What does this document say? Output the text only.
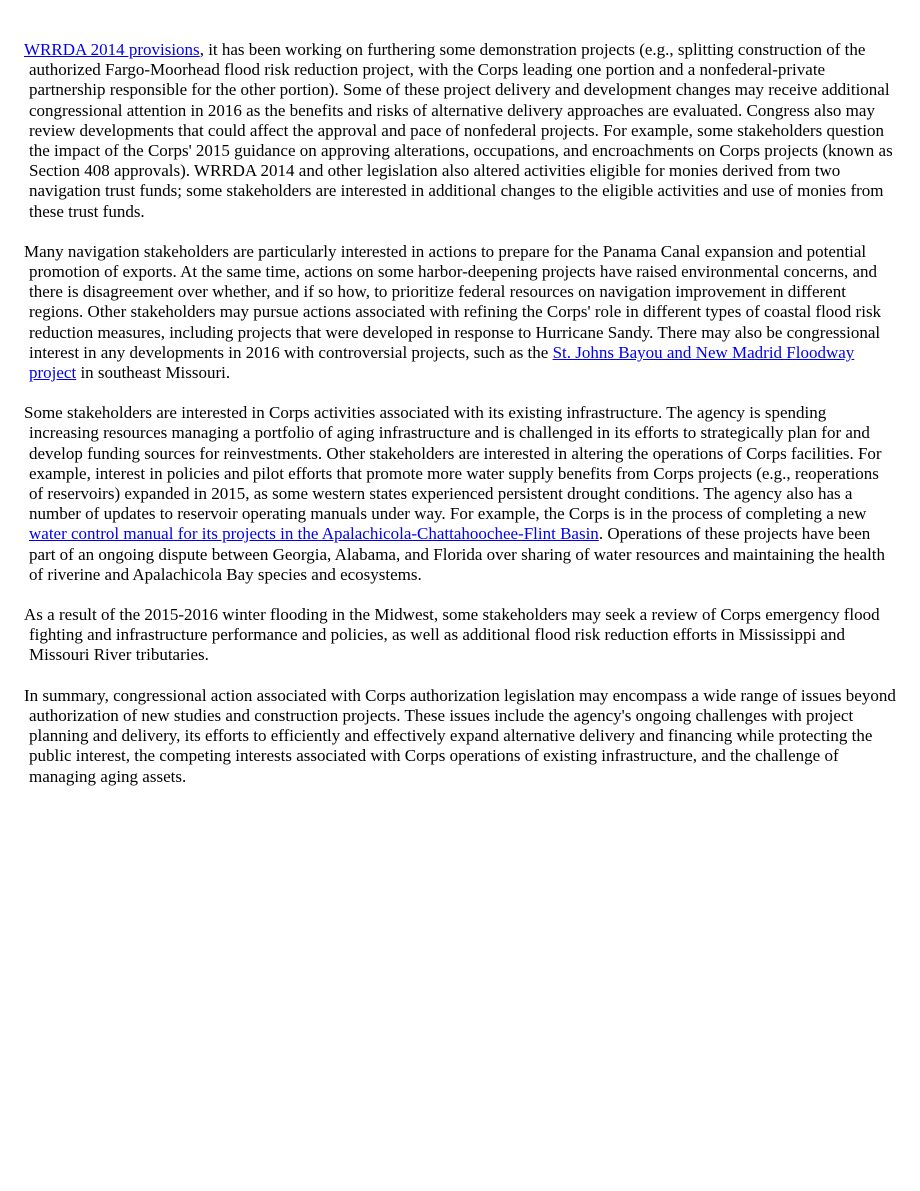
WRRDA 2014 provisions, it has been working on furthering some demonstration projects (e.g., splitting construction of the authorized Fargo-Moorhead flood risk reduction project, with the Corps leading one portion and a nonfederal-private partnership responsible for the other portion). Some of these project delivery and development changes may receive additional congressional attention in 2016 as the benefits and risks of alternative delivery approaches are evaluated. Congress also may review developments that could affect the approval and pace of nonfederal projects. For example, some stakeholders question the impact of the Corps' 2015 guidance on approving alterations, occupations, and encroachments on Corps projects (known as Section 408 approvals). WRRDA 2014 and other legislation also altered activities eligible for monies derived from two navigation trust funds; some stakeholders are interested in additional changes to the eligible activities and use of monies from these trust funds.

Many navigation stakeholders are particularly interested in actions to prepare for the Panama Canal expansion and potential promotion of exports. At the same time, actions on some harbor-deepening projects have raised environmental concerns, and there is disagreement over whether, and if so how, to prioritize federal resources on navigation improvement in different regions. Other stakeholders may pursue actions associated with refining the Corps' role in different types of coastal flood risk reduction measures, including projects that were developed in response to Hurricane Sandy. There may also be congressional interest in any developments in 2016 with controversial projects, such as the St. Johns Bayou and New Madrid Floodway project in southeast Missouri.

Some stakeholders are interested in Corps activities associated with its existing infrastructure. The agency is spending increasing resources managing a portfolio of aging infrastructure and is challenged in its efforts to strategically plan for and develop funding sources for reinvestments. Other stakeholders are interested in altering the operations of Corps facilities. For example, interest in policies and pilot efforts that promote more water supply benefits from Corps projects (e.g., reoperations of reservoirs) expanded in 2015, as some western states experienced persistent drought conditions. The agency also has a number of updates to reservoir operating manuals under way. For example, the Corps is in the process of completing a new water control manual for its projects in the Apalachicola-Chattahoochee-Flint Basin. Operations of these projects have been part of an ongoing dispute between Georgia, Alabama, and Florida over sharing of water resources and maintaining the health of riverine and Apalachicola Bay species and ecosystems.

As a result of the 2015-2016 winter flooding in the Midwest, some stakeholders may seek a review of Corps emergency flood fighting and infrastructure performance and policies, as well as additional flood risk reduction efforts in Mississippi and Missouri River tributaries.

In summary, congressional action associated with Corps authorization legislation may encompass a wide range of issues beyond authorization of new studies and construction projects. These issues include the agency's ongoing challenges with project planning and delivery, its efforts to efficiently and effectively expand alternative delivery and financing while protecting the public interest, the competing interests associated with Corps operations of existing infrastructure, and the challenge of managing aging assets.
